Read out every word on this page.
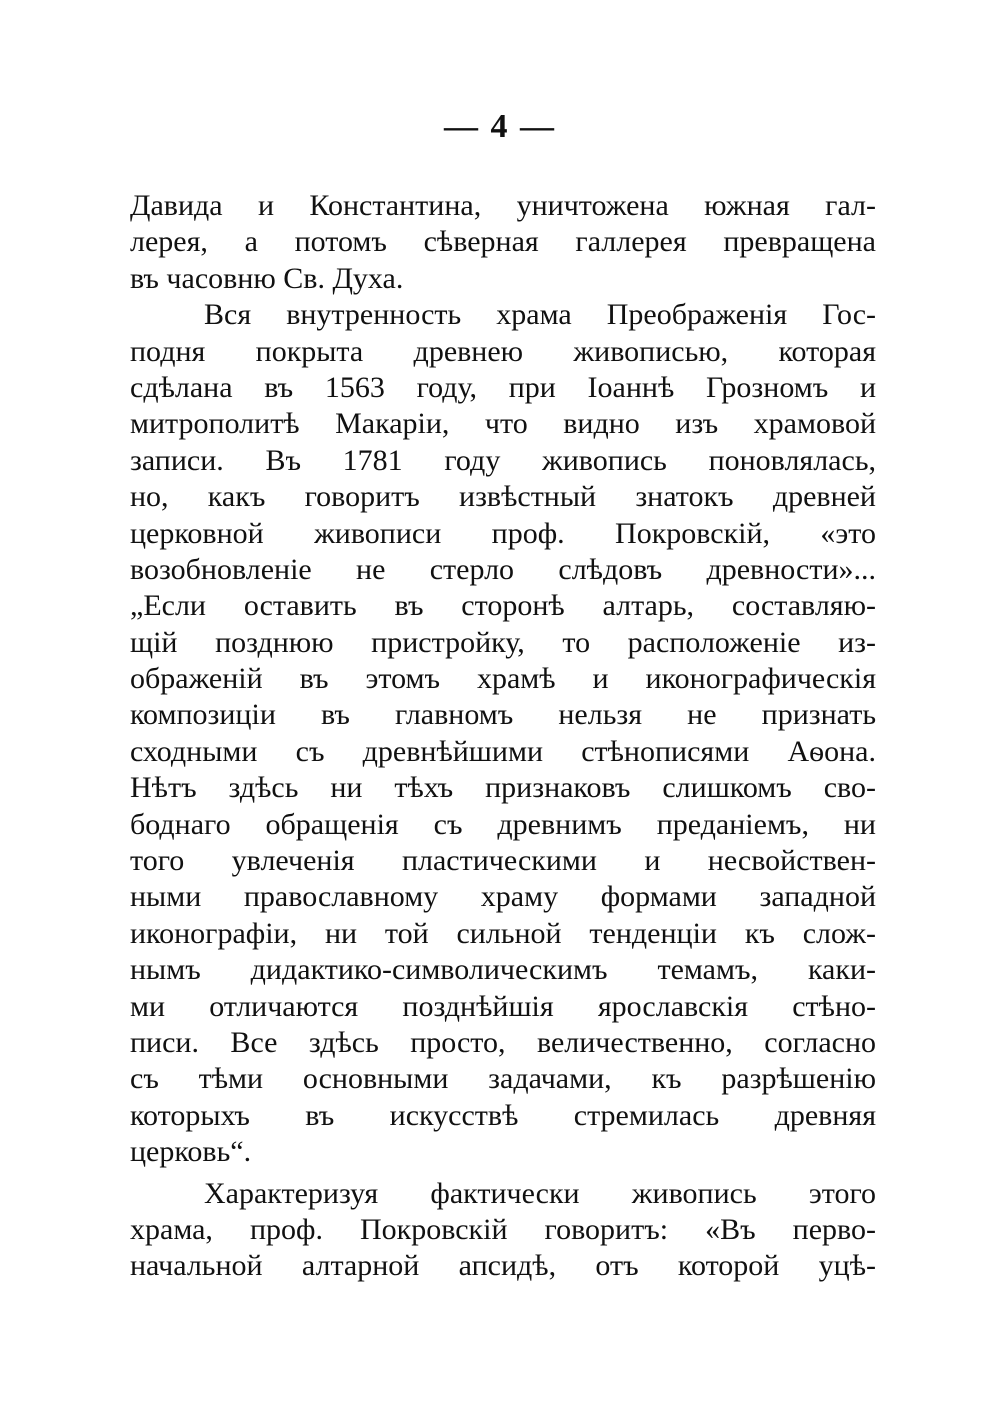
— 4 —
Давида и Константина, уничтожена южная гал-
лерея, а потомъ сѣверная галлерея превращена
въ часовню Св. Духа.
Вся внутренность храма Преображенія Гос-
подня покрыта древнею живописью, которая
сдѣлана въ 1563 году, при Іоаннѣ Грозномъ и
митрополитѣ Макаріи, что видно изъ храмовой
записи. Въ 1781 году живопись поновлялась,
но, какъ говоритъ извѣстный знатокъ древней
церковной живописи проф. Покровскій, «это
возобновленіе не стерло слѣдовъ древности»...
„Если оставить въ сторонѣ алтарь, составляю-
щій позднюю пристройку, то расположеніе из-
ображеній въ этомъ храмѣ и иконографическія
композиціи въ главномъ нельзя не признать
сходными съ древнѣйшими стѣнописями Аѳона.
Нѣтъ здѣсь ни тѣхъ признаковъ слишкомъ сво-
боднаго обращенія съ древнимъ преданіемъ, ни
того увлеченія пластическими и несвойствен-
ными православному храму формами западной
иконографіи, ни той сильной тенденціи къ слож-
нымъ дидактико-символическимъ темамъ, каки-
ми отличаются позднѣйшія ярославскія стѣно-
писи. Все здѣсь просто, величественно, согласно
съ тѣми основными задачами, къ разрѣшенію
которыхъ въ искусствѣ стремилась древняя
церковь“.
Характеризуя фактически живопись этого
храма, проф. Покровскій говоритъ: «Въ перво-
начальной алтарной апсидѣ, отъ которой уцѣ-
